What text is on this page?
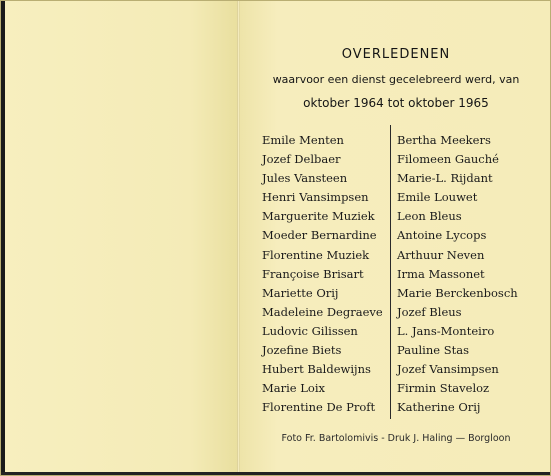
OVERLEDENEN
waarvoor een dienst gecelebreerd werd, van
oktober 1964 tot oktober 1965
Emile Menten
Jozef Delbaer
Jules Vansteen
Henri Vansimpsen
Marguerite Muziek
Moeder Bernardine
Florentine Muziek
Françoise Brisart
Mariette Orij
Madeleine Degraeve
Ludovic Gilissen
Jozefine Biets
Hubert Baldewijns
Marie Loix
Florentine De Proft
Bertha Meekers
Filomeen Gauché
Marie-L. Rijdant
Emile Louwet
Leon Bleus
Antoine Lycops
Arthuur Neven
Irma Massonet
Marie Berckenbosch
Jozef Bleus
L. Jans-Monteiro
Pauline Stas
Jozef Vansimpsen
Firmin Staveloz
Katherine Orij
Foto Fr. Bartolomivis - Druk J. Haling — Borgloon
